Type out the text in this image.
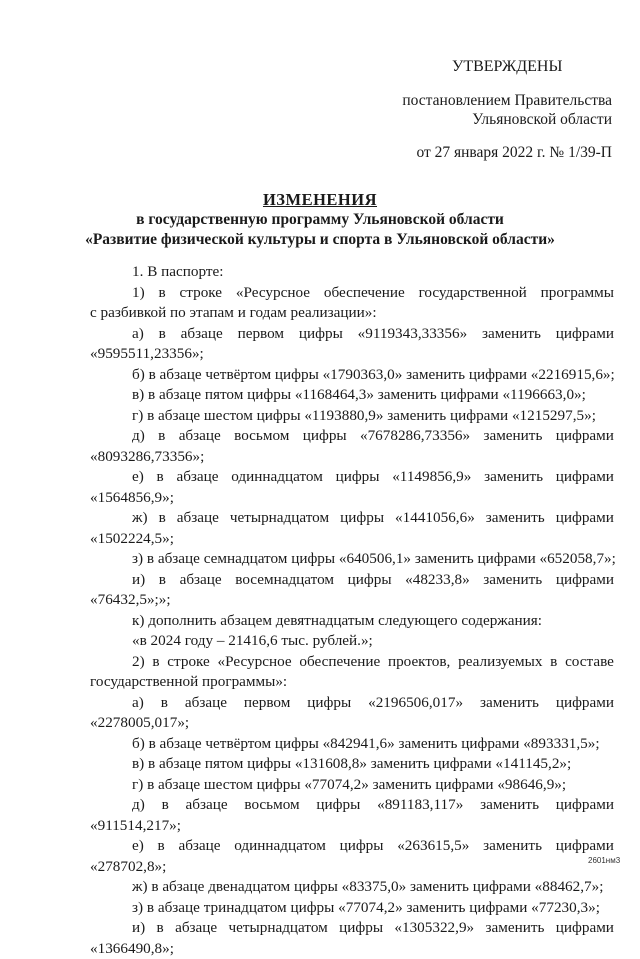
УТВЕРЖДЕНЫ
постановлением Правительства
Ульяновской области
от 27 января 2022 г. № 1/39-П
ИЗМЕНЕНИЯ
в государственную программу Ульяновской области
«Развитие физической культуры и спорта в Ульяновской области»
1. В паспорте:
1) в строке «Ресурсное обеспечение государственной программы
с разбивкой по этапам и годам реализации»:
а) в абзаце первом цифры «9119343,33356» заменить цифрами
«9595511,23356»;
б) в абзаце четвёртом цифры «1790363,0» заменить цифрами «2216915,6»;
в) в абзаце пятом цифры «1168464,3» заменить цифрами «1196663,0»;
г) в абзаце шестом цифры «1193880,9» заменить цифрами «1215297,5»;
д) в абзаце восьмом цифры «7678286,73356» заменить цифрами
«8093286,73356»;
е) в абзаце одиннадцатом цифры «1149856,9» заменить цифрами
«1564856,9»;
ж) в абзаце четырнадцатом цифры «1441056,6» заменить цифрами
«1502224,5»;
з) в абзаце семнадцатом цифры «640506,1» заменить цифрами «652058,7»;
и) в абзаце восемнадцатом цифры «48233,8» заменить цифрами
«76432,5»;»;
к) дополнить абзацем девятнадцатым следующего содержания:
«в 2024 году – 21416,6 тыс. рублей.»;
2) в строке «Ресурсное обеспечение проектов, реализуемых в составе
государственной программы»:
а) в абзаце первом цифры «2196506,017» заменить цифрами
«2278005,017»;
б) в абзаце четвёртом цифры «842941,6» заменить цифрами «893331,5»;
в) в абзаце пятом цифры «131608,8» заменить цифрами «141145,2»;
г) в абзаце шестом цифры «77074,2» заменить цифрами «98646,9»;
д) в абзаце восьмом цифры «891183,117» заменить цифрами
«911514,217»;
е) в абзаце одиннадцатом цифры «263615,5» заменить цифрами
«278702,8»;
ж) в абзаце двенадцатом цифры «83375,0» заменить цифрами «88462,7»;
з) в абзаце тринадцатом цифры «77074,2» заменить цифрами «77230,3»;
и) в абзаце четырнадцатом цифры «1305322,9» заменить цифрами
«1366490,8»;
2601нм3
